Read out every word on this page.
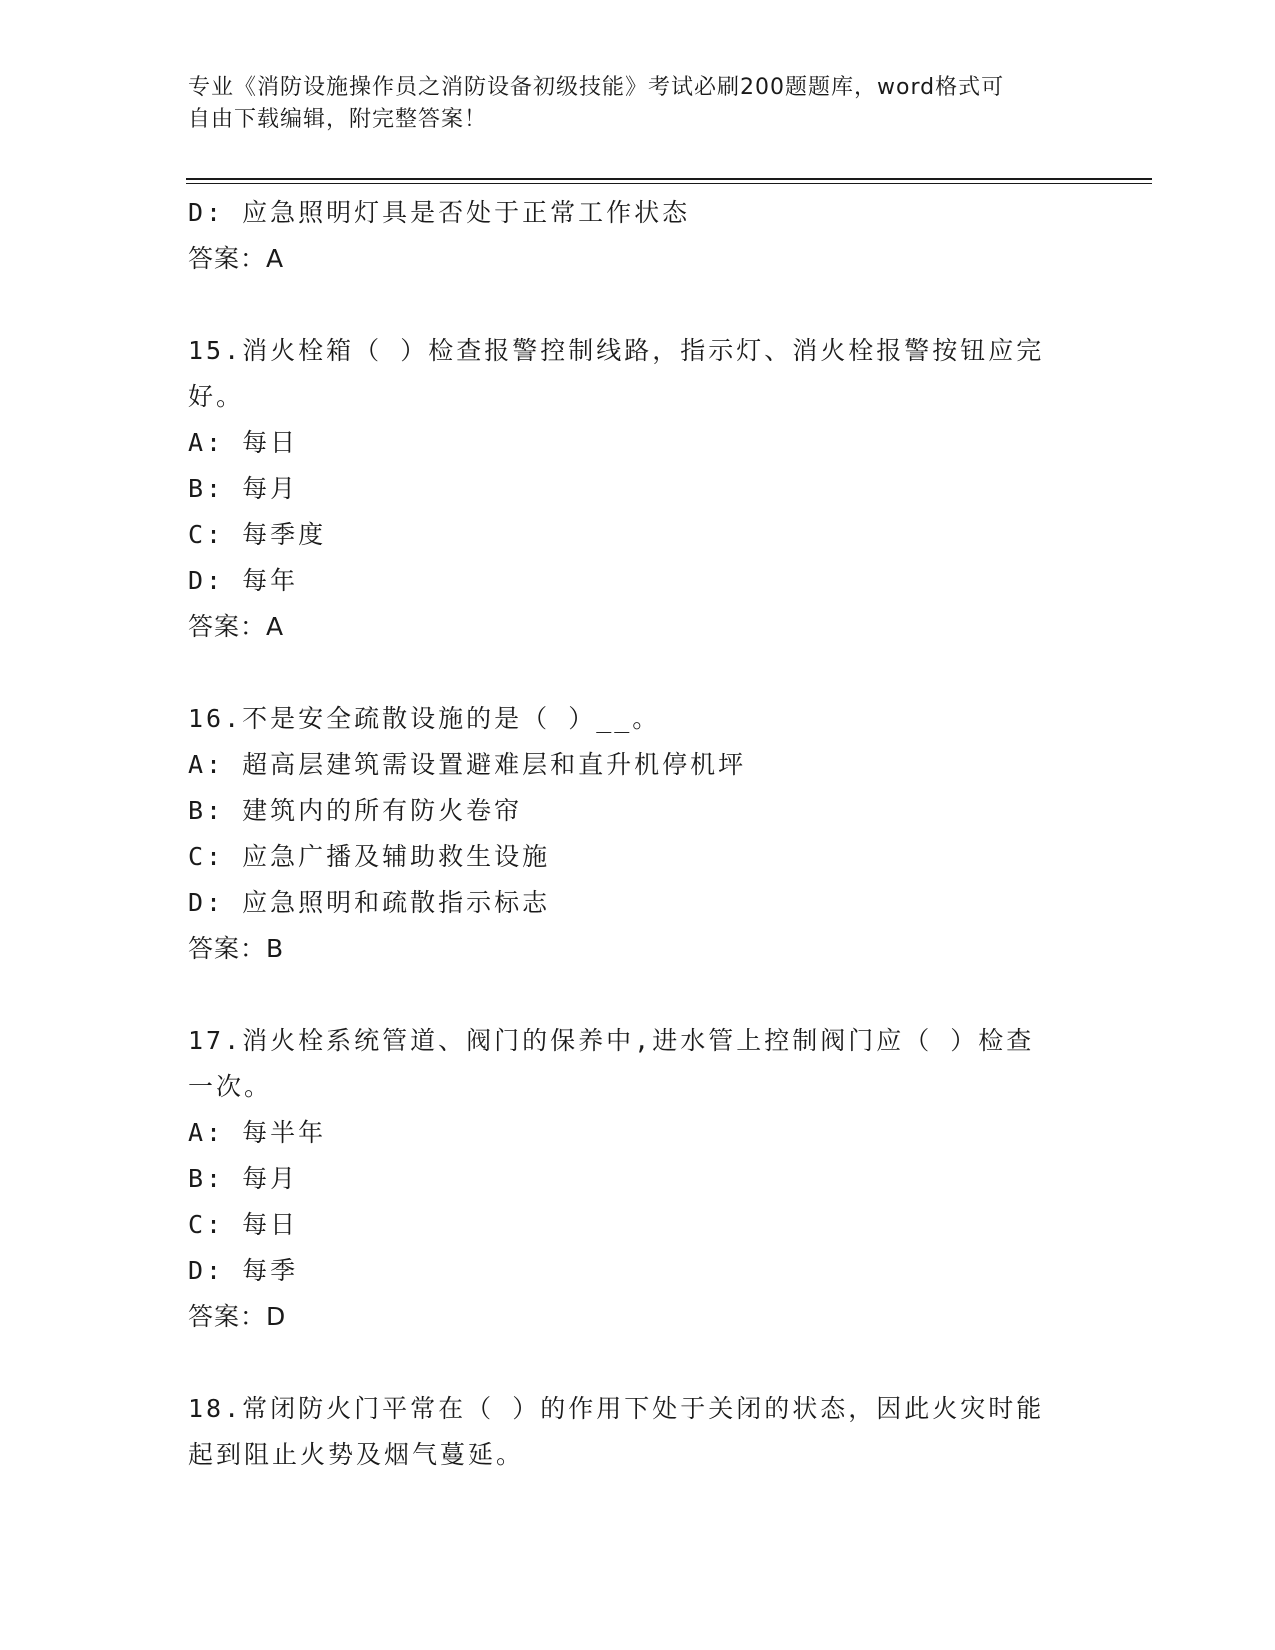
专业《消防设施操作员之消防设备初级技能》考试必刷200题题库，word格式可
自由下载编辑，附完整答案！
D: 应急照明灯具是否处于正常工作状态
答案：A
15.消火栓箱（ ）检查报警控制线路，指示灯、消火栓报警按钮应完
好。
A: 每日
B: 每月
C: 每季度
D: 每年
答案：A
16.不是安全疏散设施的是（ ）__。
A: 超高层建筑需设置避难层和直升机停机坪
B: 建筑内的所有防火卷帘
C: 应急广播及辅助救生设施
D: 应急照明和疏散指示标志
答案：B
17.消火栓系统管道、阀门的保养中,进水管上控制阀门应（ ）检查
一次。
A: 每半年
B: 每月
C: 每日
D: 每季
答案：D
18.常闭防火门平常在（ ）的作用下处于关闭的状态，因此火灾时能
起到阻止火势及烟气蔓延。
